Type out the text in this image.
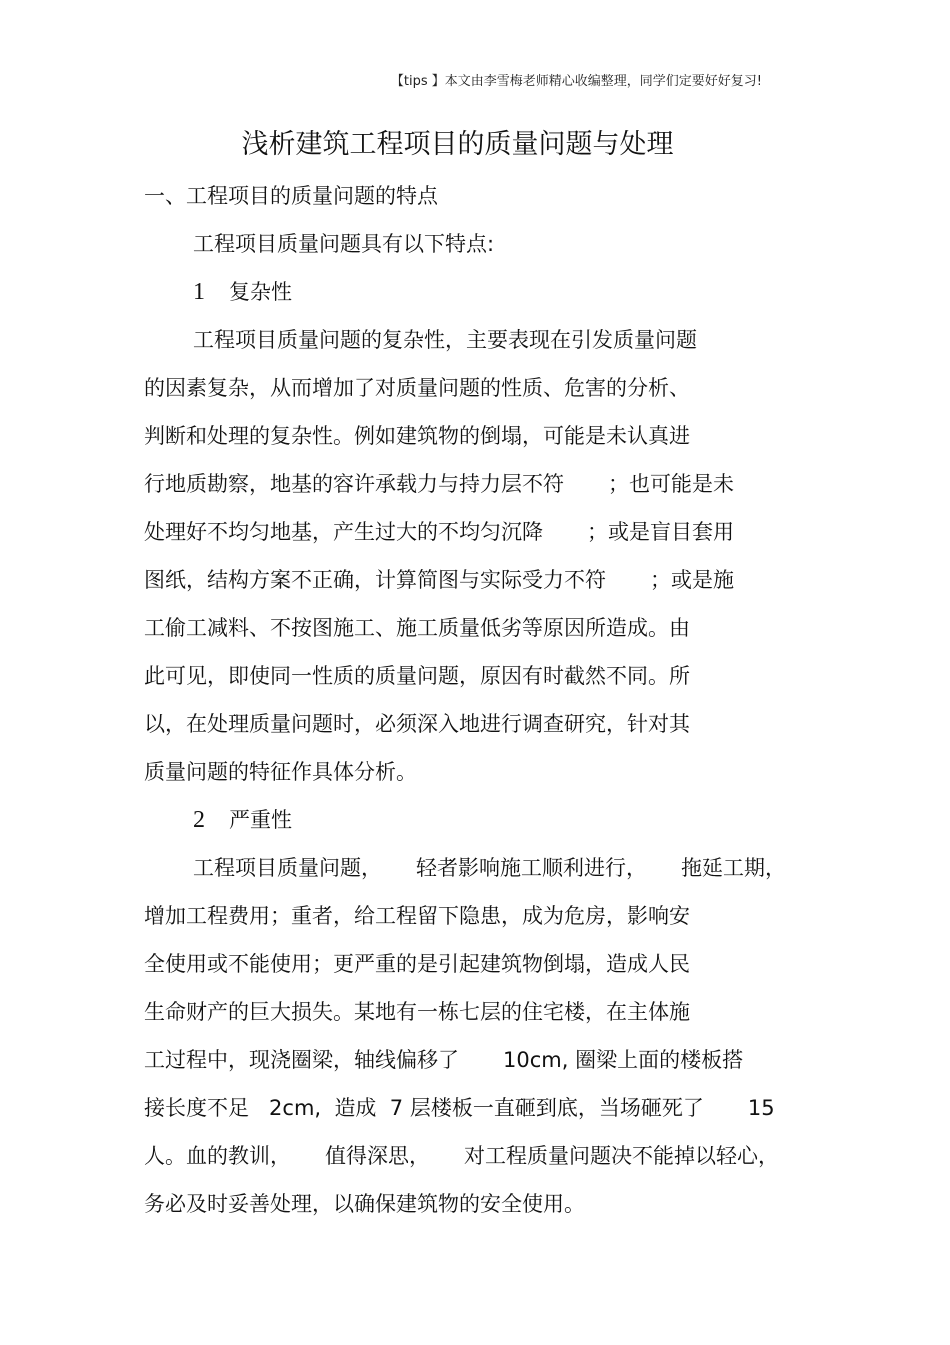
【tips 】本文由李雪梅老师精心收编整理，同学们定要好好复习!
浅析建筑工程项目的质量问题与处理

一、工程项目的质量问题的特点

工程项目质量问题具有以下特点:

1 复杂性

工程项目质量问题的复杂性，主要表现在引发质量问题

的因素复杂，从而增加了对质量问题的性质、危害的分析、

判断和处理的复杂性。例如建筑物的倒塌，可能是未认真进

行地质勘察，地基的容许承载力与持力层不符 ；也可能是未

处理好不均匀地基，产生过大的不均匀沉降 ；或是盲目套用

图纸，结构方案不正确，计算简图与实际受力不符 ；或是施

工偷工减料、不按图施工、施工质量低劣等原因所造成。由

此可见，即使同一性质的质量问题，原因有时截然不同。所

以，在处理质量问题时，必须深入地进行调查研究，针对其

质量问题的特征作具体分析。

2 严重性

工程项目质量问题， 轻者影响施工顺利进行， 拖延工期，

增加工程费用；重者，给工程留下隐患，成为危房，影响安

全使用或不能使用；更严重的是引起建筑物倒塌，造成人民

生命财产的巨大损失。某地有一栋七层的住宅楼，在主体施

工过程中，现浇圈梁，轴线偏移了 10cm, 圈梁上面的楼板搭

接长度不足 2cm, 造成 7 层楼板一直砸到底，当场砸死了 15

人。血的教训， 值得深思， 对工程质量问题决不能掉以轻心，

务必及时妥善处理，以确保建筑物的安全使用。
